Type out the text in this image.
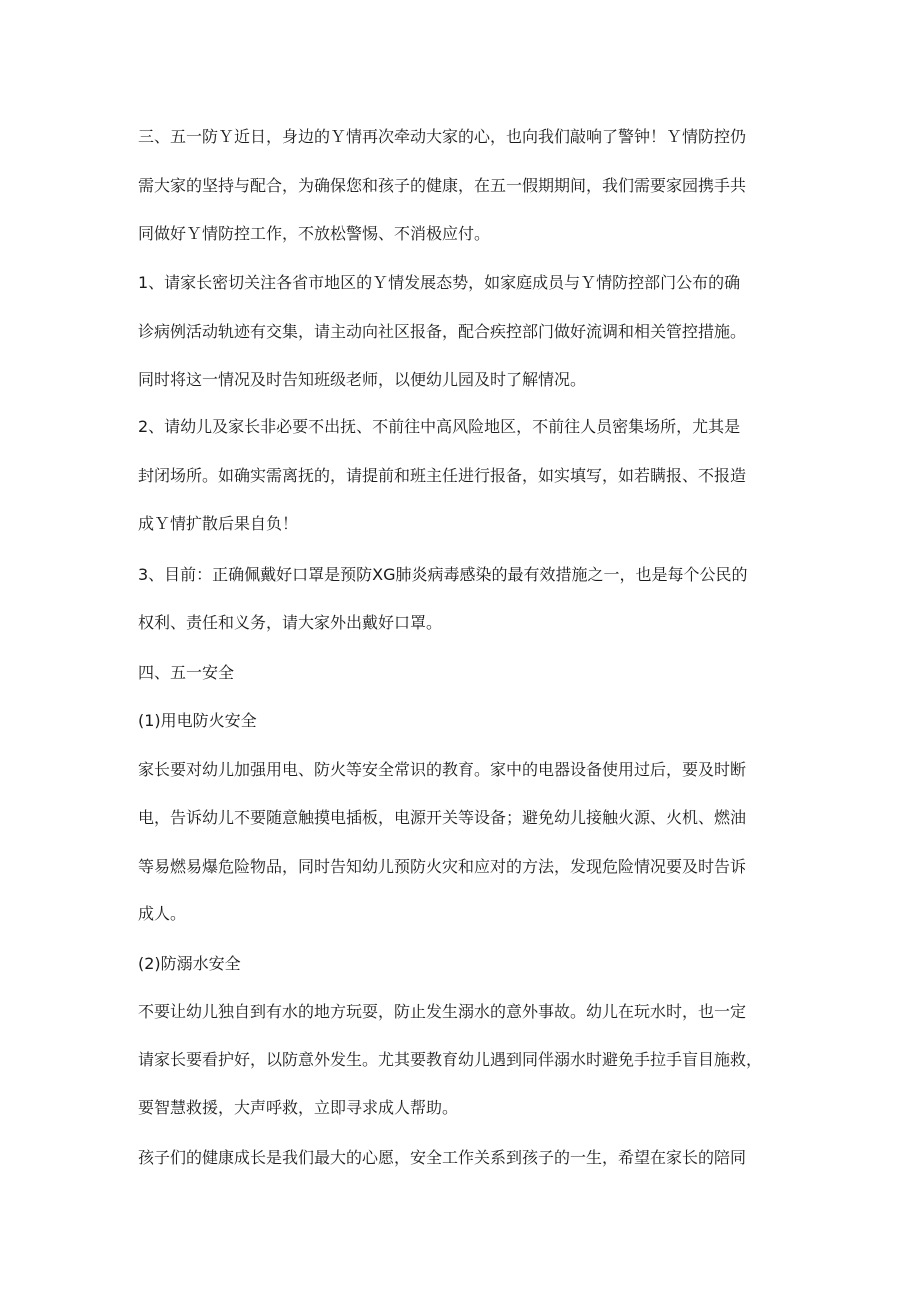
三、五一防Ｙ近日，身边的Ｙ情再次牵动大家的心，也向我们敲响了警钟！Ｙ情防控仍

需大家的坚持与配合，为确保您和孩子的健康，在五一假期期间，我们需要家园携手共

同做好Ｙ情防控工作，不放松警惕、不消极应付。

1、请家长密切关注各省市地区的Ｙ情发展态势，如家庭成员与Ｙ情防控部门公布的确

诊病例活动轨迹有交集，请主动向社区报备，配合疾控部门做好流调和相关管控措施。

同时将这一情况及时告知班级老师，以便幼儿园及时了解情况。

2、请幼儿及家长非必要不出抚、不前往中高风险地区，不前往人员密集场所，尤其是

封闭场所。如确实需离抚的，请提前和班主任进行报备，如实填写，如若瞒报、不报造

成Ｙ情扩散后果自负！

3、目前：正确佩戴好口罩是预防XG肺炎病毒感染的最有效措施之一，也是每个公民的

权利、责任和义务，请大家外出戴好口罩。

四、五一安全

(1)用电防火安全

家长要对幼儿加强用电、防火等安全常识的教育。家中的电器设备使用过后，要及时断

电，告诉幼儿不要随意触摸电插板，电源开关等设备；避免幼儿接触火源、火机、燃油

等易燃易爆危险物品，同时告知幼儿预防火灾和应对的方法，发现危险情况要及时告诉

成人。

(2)防溺水安全

不要让幼儿独自到有水的地方玩耍，防止发生溺水的意外事故。幼儿在玩水时，也一定

请家长要看护好，以防意外发生。尤其要教育幼儿遇到同伴溺水时避免手拉手盲目施救，

要智慧救援，大声呼救，立即寻求成人帮助。

孩子们的健康成长是我们最大的心愿，安全工作关系到孩子的一生，希望在家长的陪同
